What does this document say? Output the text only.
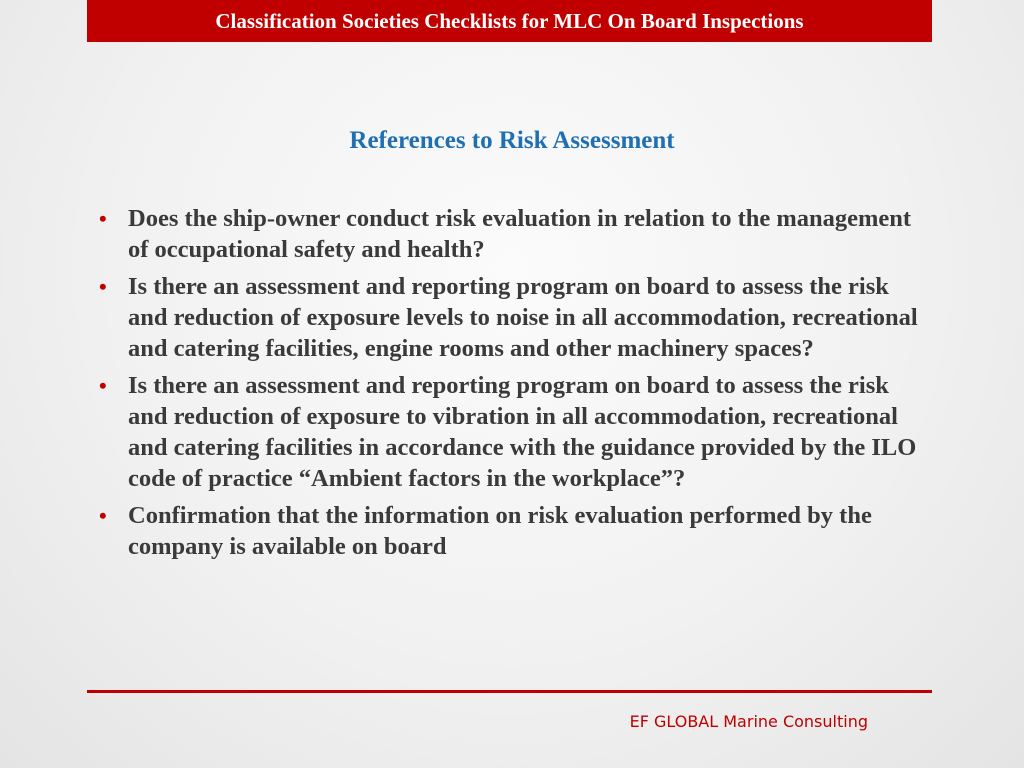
Classification Societies Checklists for MLC On Board Inspections
References to Risk Assessment
• Does the ship-owner conduct risk evaluation in relation to the management of occupational safety and health?
• Is there an assessment and reporting program on board to assess the risk and reduction of exposure levels to noise in all accommodation, recreational and catering facilities, engine rooms and other machinery spaces?
• Is there an assessment and reporting program on board to assess the risk and reduction of exposure to vibration in all accommodation, recreational and catering facilities in accordance with the guidance provided by the ILO code of practice “Ambient factors in the workplace”?
• Confirmation that the information on risk evaluation performed by the company is available on board
EF GLOBAL Marine Consulting
